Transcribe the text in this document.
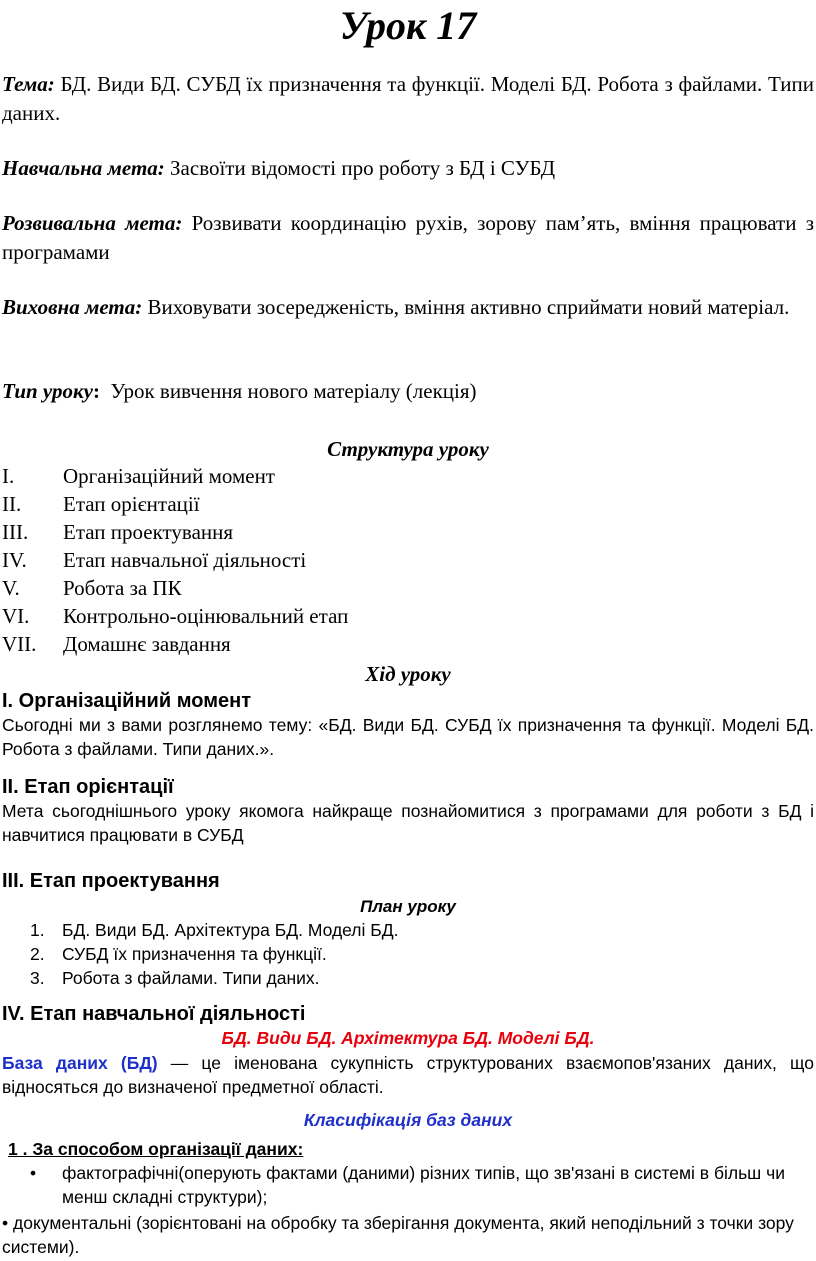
Урок 17
Тема: БД. Види БД. СУБД їх призначення та функції. Моделі БД. Робота з файлами. Типи даних.
Навчальна мета: Засвоїти відомості про роботу з БД і СУБД
Розвивальна мета: Розвивати координацію рухів, зорову пам’ять, вміння працювати з програмами
Виховна мета: Виховувати зосередженість, вміння активно сприймати новий матеріал.
Тип уроку: Урок вивчення нового матеріалу (лекція)
Структура уроку
I. Організаційний момент
II. Етап орієнтації
III. Етап проектування
IV. Етап навчальної діяльності
V. Робота за ПК
VI. Контрольно-оцінювальний етап
VII. Домашнє завдання
Хід уроку
I. Організаційний момент
Сьогодні ми з вами розглянемо тему: «БД. Види БД. СУБД їх призначення та функції. Моделі БД. Робота з файлами. Типи даних.».
II. Етап орієнтації
Мета сьогоднішнього уроку якомога найкраще познайомитися з програмами для роботи з БД і навчитися працювати в СУБД
III. Етап проектування
План уроку
1. БД. Види БД. Архітектура БД. Моделі БД.
2. СУБД їх призначення та функції.
3. Робота з файлами. Типи даних.
IV. Етап навчальної діяльності
БД. Види БД. Архітектура БД. Моделі БД.
База даних (БД) — це іменована сукупність структурованих взаємопов'язаних даних, що відносяться до визначеної предметної області.
Класифікація баз даних
1 . За способом організації даних:
• фактографічні(оперують фактами (даними) різних типів, що зв'язані в системі в більш чи менш складні структури);
• документальні (зорієнтовані на обробку та зберігання документа, який неподільний з точки зору системи).
